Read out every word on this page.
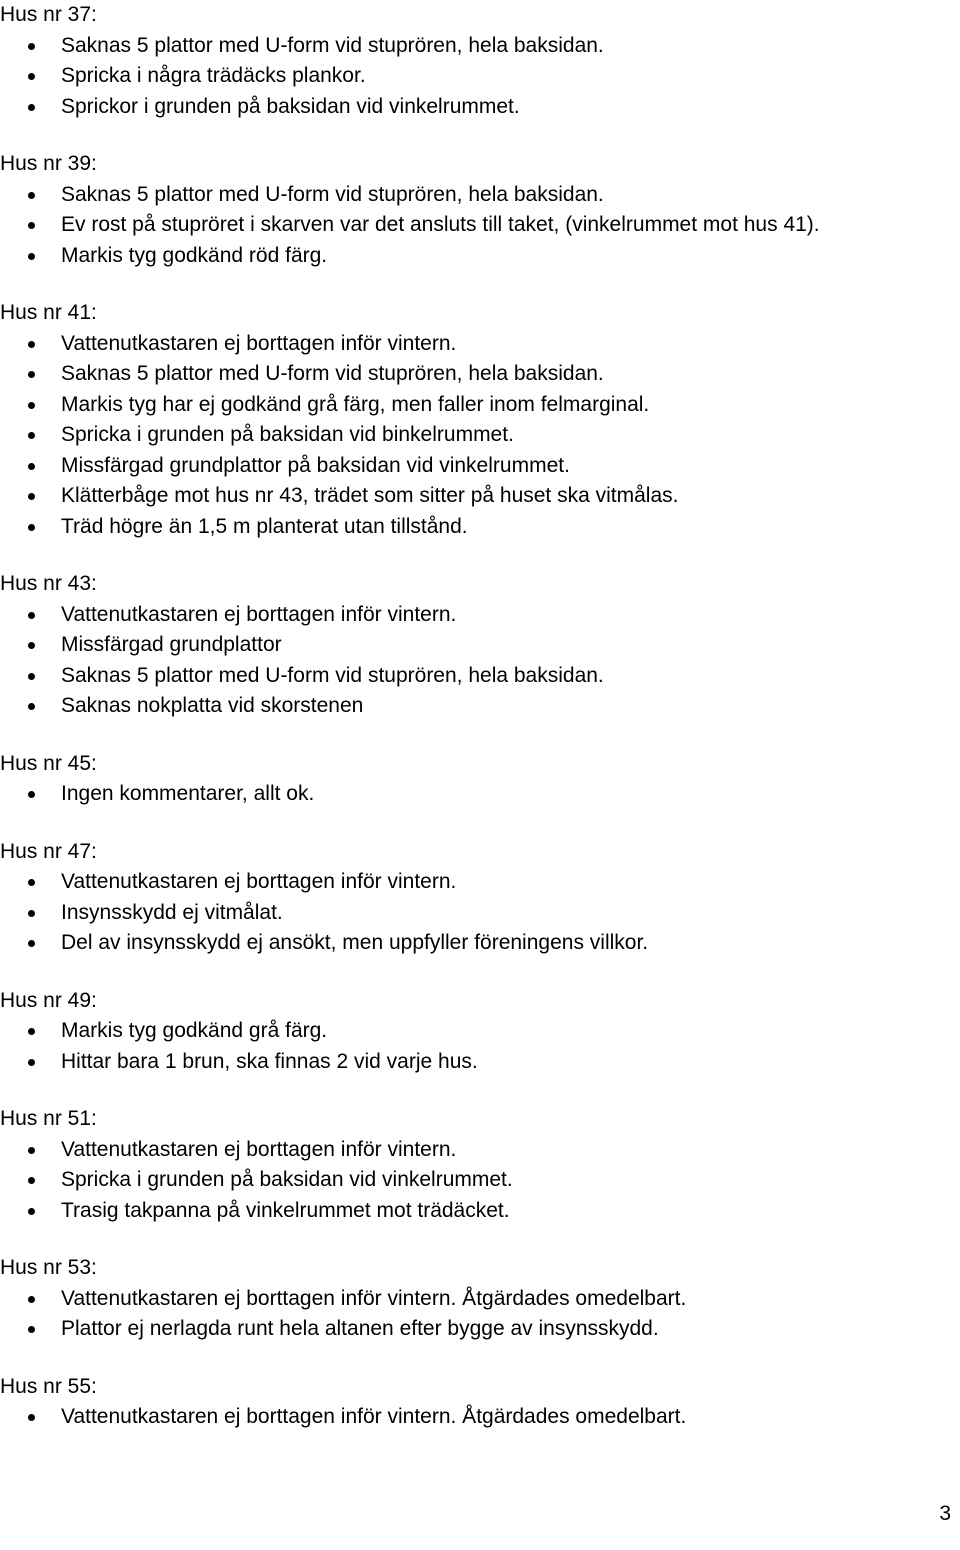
Hus nr 37:
Saknas 5 plattor med U-form vid stuprören, hela baksidan.
Spricka i några trädäcks plankor.
Sprickor i grunden på baksidan vid vinkelrummet.
Hus nr 39:
Saknas 5 plattor med U-form vid stuprören, hela baksidan.
Ev rost på stupröret i skarven var det ansluts till taket, (vinkelrummet mot hus 41).
Markis tyg godkänd röd färg.
Hus nr 41:
Vattenutkastaren ej borttagen inför vintern.
Saknas 5 plattor med U-form vid stuprören, hela baksidan.
Markis tyg har ej godkänd grå färg, men faller inom felmarginal.
Spricka i grunden på baksidan vid binkelrummet.
Missfärgad grundplattor på baksidan vid vinkelrummet.
Klätterbåge mot hus nr 43, trädet som sitter på huset ska vitmålas.
Träd högre än 1,5 m planterat utan tillstånd.
Hus nr 43:
Vattenutkastaren ej borttagen inför vintern.
Missfärgad grundplattor
Saknas 5 plattor med U-form vid stuprören, hela baksidan.
Saknas nokplatta vid skorstenen
Hus nr 45:
Ingen kommentarer, allt ok.
Hus nr 47:
Vattenutkastaren ej borttagen inför vintern.
Insynsskydd ej vitmålat.
Del av insynsskydd ej ansökt, men uppfyller föreningens villkor.
Hus nr 49:
Markis tyg godkänd grå färg.
Hittar bara 1 brun, ska finnas 2 vid varje hus.
Hus nr 51:
Vattenutkastaren ej borttagen inför vintern.
Spricka i grunden på baksidan vid vinkelrummet.
Trasig takpanna på vinkelrummet mot trädäcket.
Hus nr 53:
Vattenutkastaren ej borttagen inför vintern. Åtgärdades omedelbart.
Plattor ej nerlagda runt hela altanen efter bygge av insynsskydd.
Hus nr 55:
Vattenutkastaren ej borttagen inför vintern. Åtgärdades omedelbart.
3
